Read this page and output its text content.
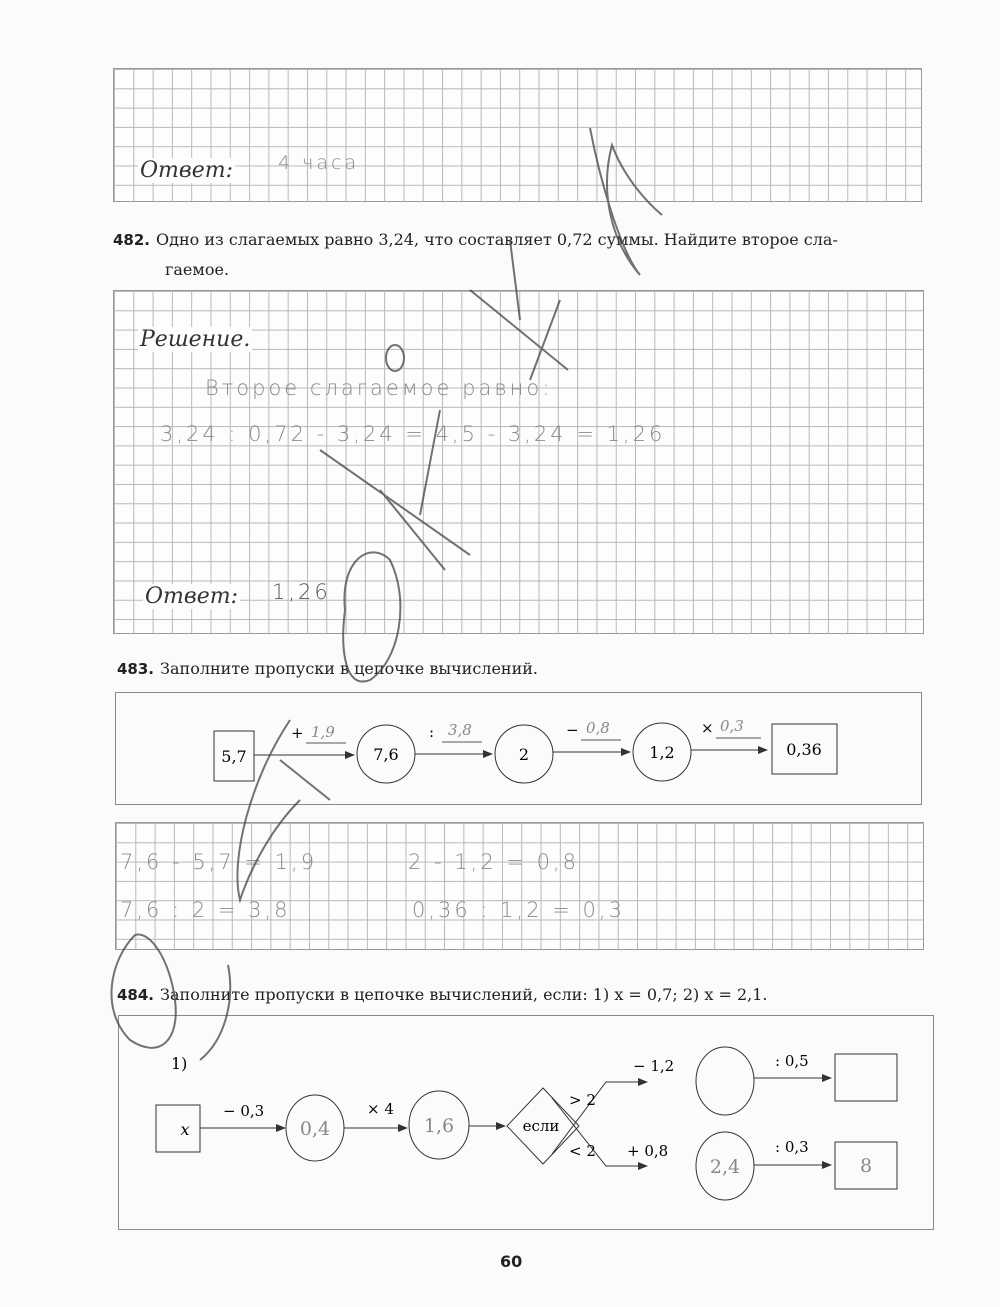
Ответ: 4 часа
482. Одно из слагаемых равно 3,24, что составляет 0,72 суммы. Найдите второе сла-
гаемое.
Решение.
Второе слагаемое равно:
3,24 : 0,72 - 3,24 = 4,5 - 3,24 = 1,26
Ответ: 1,26
483. Заполните пропуски в цепочке вычислений.
5,7
+ 1,9
7,6
: 3,8
2
− 0,8
1,2
× 0,3
0,36
7,6 - 5,7 = 1,9	2 - 1,2 = 0,8
7,6 : 2 = 3,8	0,36 : 1,2 = 0,3
484. Заполните пропуски в цепочке вычислений, если: 1) x = 0,7; 2) x = 2,1.
1)
x
− 0,3
0,4
× 4
1,6	если
> 2
< 2
− 1,2
+ 0,8
2,4
: 0,5
: 0,3
8
60
